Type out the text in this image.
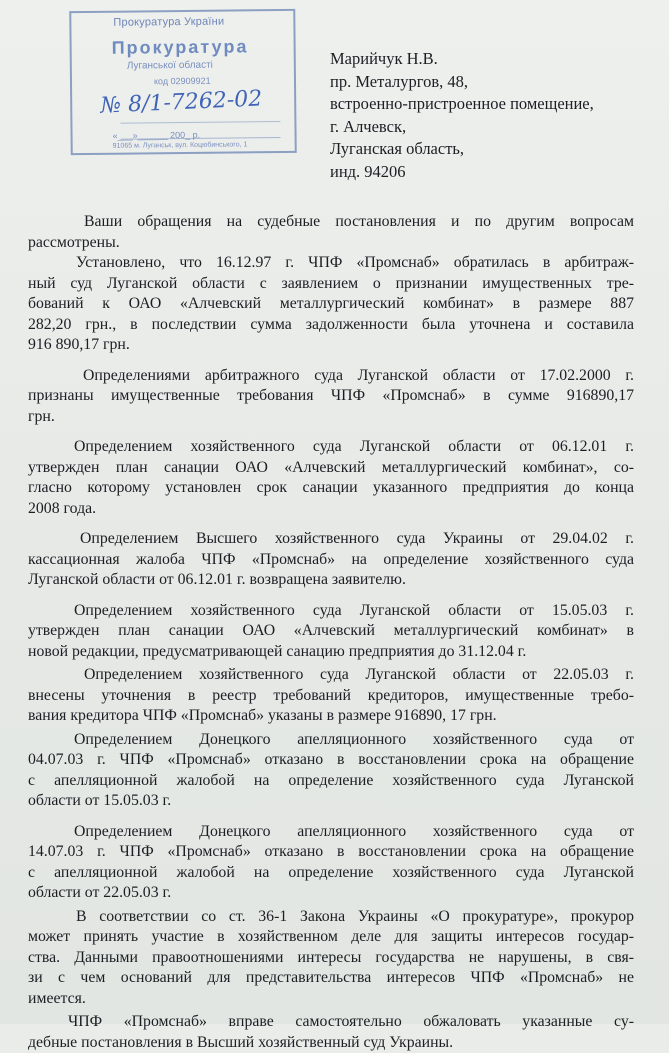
Прокуратура України
Прокуратура
Луганської області
код 02909921
№ 8/1-7262-02
«___»______ 200_ р.
91065 м. Луганськ, вул. Коцюбинського, 1
Марийчук Н.В.
пр. Металургов, 48,
встроенно-пристроенное помещение,
г. Алчевск,
Луганская область,
инд. 94206
Ваши обращения на судебные постановления и по другим вопросам
рассмотрены.
Установлено, что 16.12.97 г. ЧПФ «Промснаб» обратилась в арбитраж-
ный суд Луганской области с заявлением о признании имущественных тре-
бований к ОАО «Алчевский металлургический комбинат» в размере 887
282,20 грн., в последствии сумма задолженности была уточнена и составила
916 890,17 грн.
Определениями арбитражного суда Луганской области от 17.02.2000 г.
признаны имущественные требования ЧПФ «Промснаб» в сумме 916890,17
грн.
Определением хозяйственного суда Луганской области от 06.12.01 г.
утвержден план санации ОАО «Алчевский металлургический комбинат», со-
гласно которому установлен срок санации указанного предприятия до конца
2008 года.
Определением Высшего хозяйственного суда Украины от 29.04.02 г.
кассационная жалоба ЧПФ «Промснаб» на определение хозяйственного суда
Луганской области от 06.12.01 г. возвращена заявителю.
Определением хозяйственного суда Луганской области от 15.05.03 г.
утвержден план санации ОАО «Алчевский металлургический комбинат» в
новой редакции, предусматривающей санацию предприятия до 31.12.04 г.
Определением хозяйственного суда Луганской области от 22.05.03 г.
внесены уточнения в реестр требований кредиторов, имущественные требо-
вания кредитора ЧПФ «Промснаб» указаны в размере 916890, 17 грн.
Определением Донецкого апелляционного хозяйственного суда от
04.07.03 г. ЧПФ «Промснаб» отказано в восстановлении срока на обращение
с апелляционной жалобой на определение хозяйственного суда Луганской
области от 15.05.03 г.
Определением Донецкого апелляционного хозяйственного суда от
14.07.03 г. ЧПФ «Промснаб» отказано в восстановлении срока на обращение
с апелляционной жалобой на определение хозяйственного суда Луганской
области от 22.05.03 г.
В соответствии со ст. 36-1 Закона Украины «О прокуратуре», прокурор
может принять участие в хозяйственном деле для защиты интересов государ-
ства. Данными правоотношениями интересы государства не нарушены, в свя-
зи с чем оснований для представительства интересов ЧПФ «Промснаб» не
имеется.
ЧПФ «Промснаб» вправе самостоятельно обжаловать указанные су-
дебные постановления в Высший хозяйственный суд Украины.
